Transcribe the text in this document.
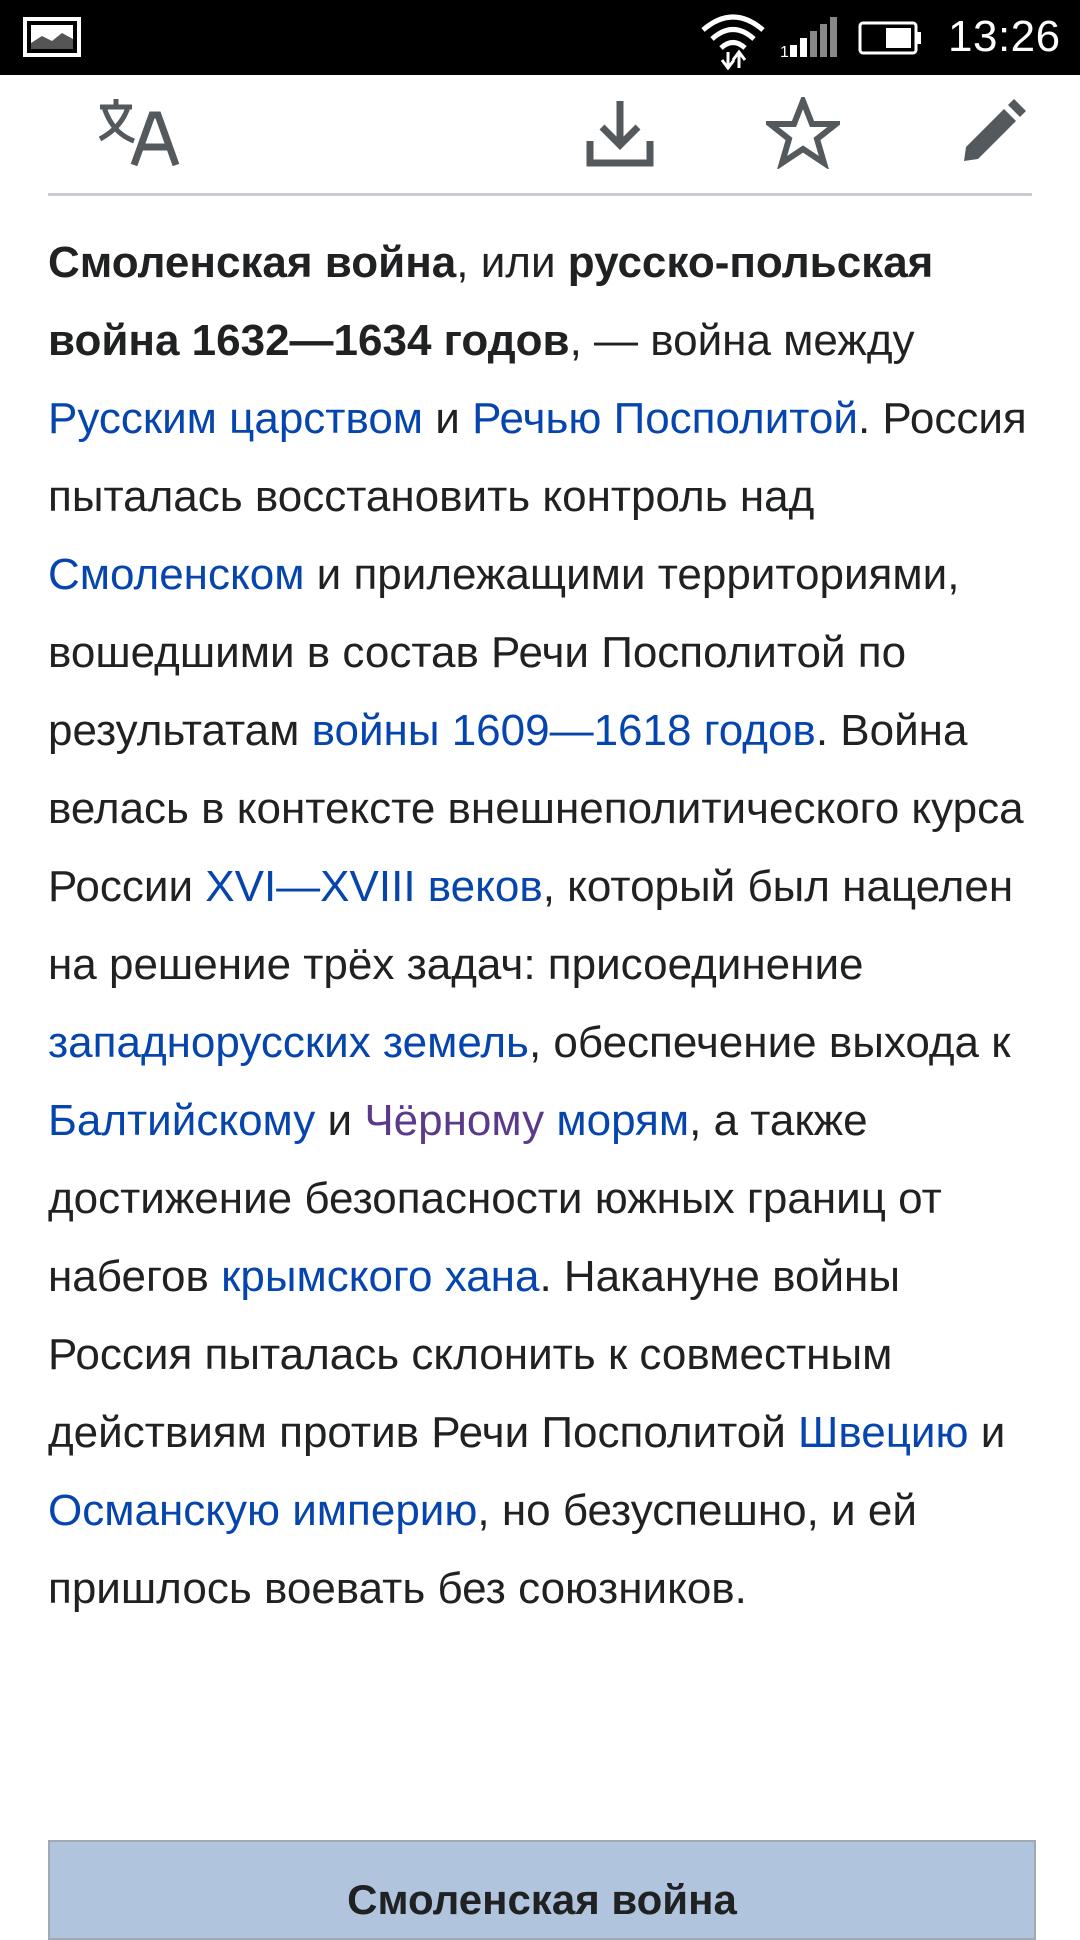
1	13:26
Смоленская война, или русско-польская война 1632—1634 годов, — война между Русским царством и Речью Посполитой. Россия пыталась восстановить контроль над Смоленском и прилежащими территориями, вошедшими в состав Речи Посполитой по результатам войны 1609—1618 годов. Война велась в контексте внешнеполитического курса России XVI—XVIII веков, который был нацелен на решение трёх задач: присоединение западнорусских земель, обеспечение выхода к Балтийскому и Чёрному морям, а также достижение безопасности южных границ от набегов крымского хана. Накануне войны Россия пыталась склонить к совместным действиям против Речи Посполитой Швецию и Османскую империю, но безуспешно, и ей пришлось воевать без союзников.
Смоленская война
